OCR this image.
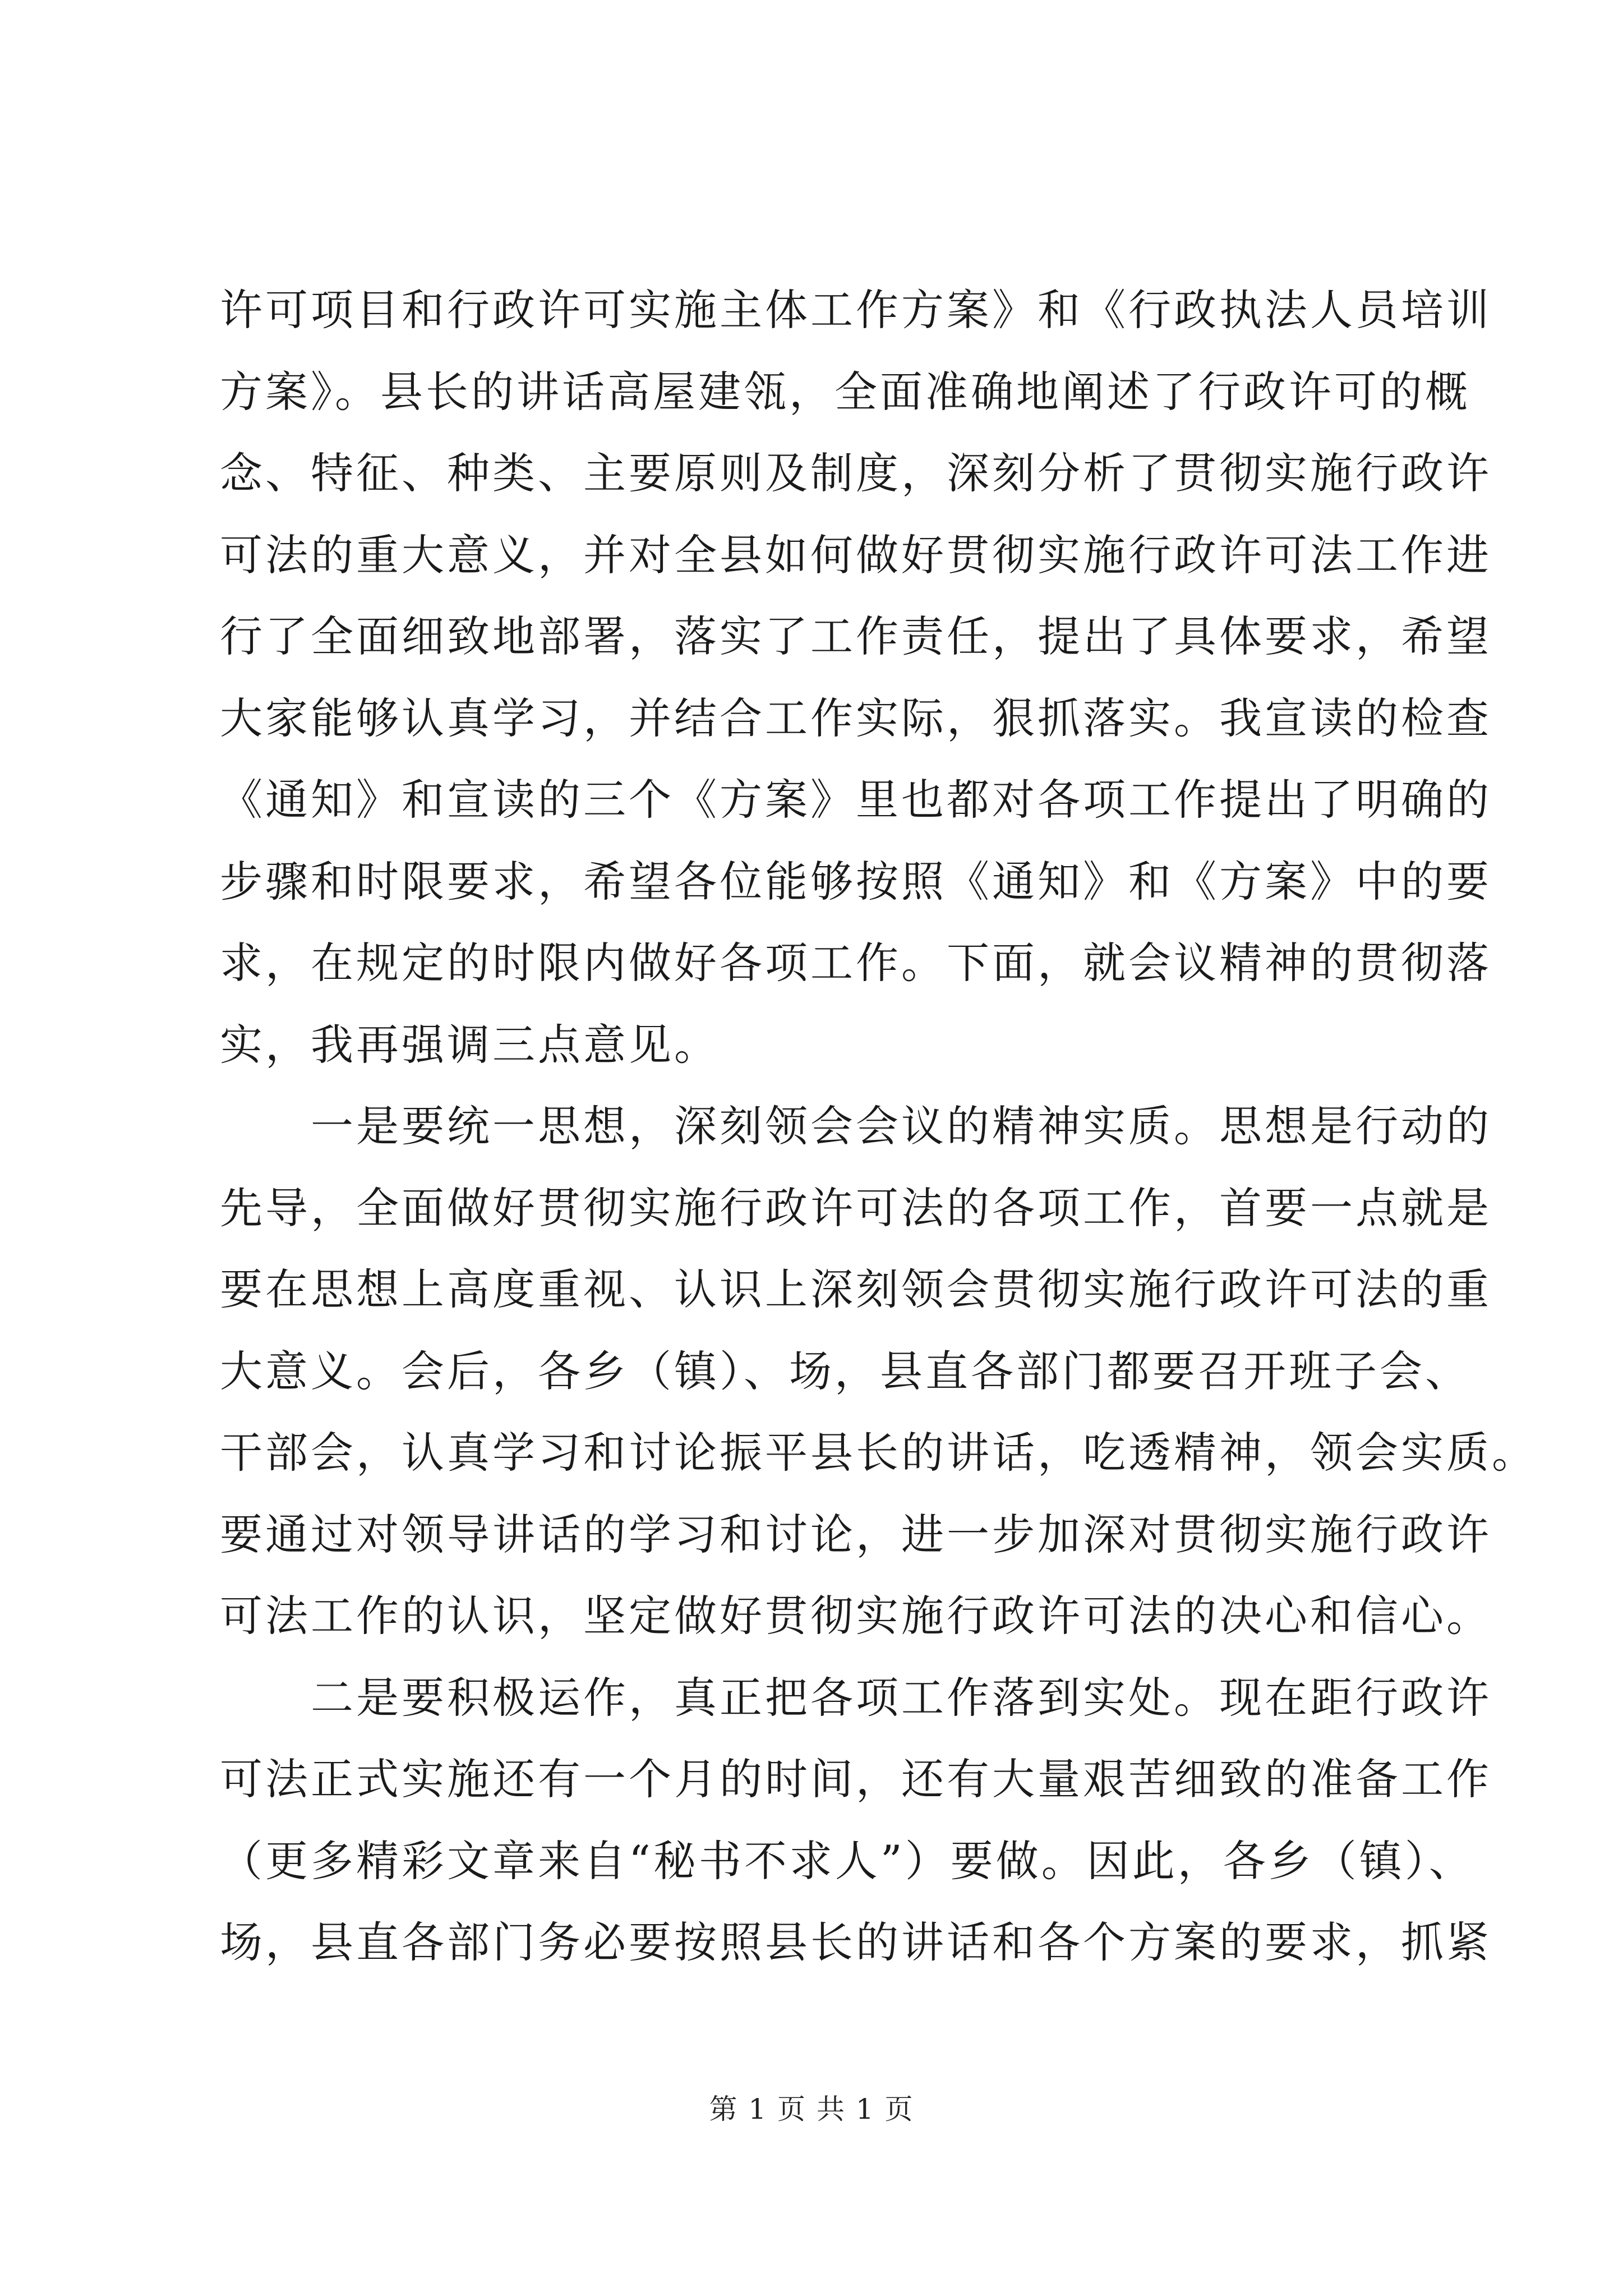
许可项目和行政许可实施主体工作方案》和《行政执法人员培训
方案》。县长的讲话高屋建瓴，全面准确地阐述了行政许可的概
念、特征、种类、主要原则及制度，深刻分析了贯彻实施行政许
可法的重大意义，并对全县如何做好贯彻实施行政许可法工作进
行了全面细致地部署，落实了工作责任，提出了具体要求，希望
大家能够认真学习，并结合工作实际，狠抓落实。我宣读的检查
《通知》和宣读的三个《方案》里也都对各项工作提出了明确的
步骤和时限要求，希望各位能够按照《通知》和《方案》中的要
求，在规定的时限内做好各项工作。下面，就会议精神的贯彻落
实，我再强调三点意见。
　　一是要统一思想，深刻领会会议的精神实质。思想是行动的
先导，全面做好贯彻实施行政许可法的各项工作，首要一点就是
要在思想上高度重视、认识上深刻领会贯彻实施行政许可法的重
大意义。会后，各乡（镇）、场，县直各部门都要召开班子会、
干部会，认真学习和讨论振平县长的讲话，吃透精神，领会实质。
要通过对领导讲话的学习和讨论，进一步加深对贯彻实施行政许
可法工作的认识，坚定做好贯彻实施行政许可法的决心和信心。
　　二是要积极运作，真正把各项工作落到实处。现在距行政许
可法正式实施还有一个月的时间，还有大量艰苦细致的准备工作
（更多精彩文章来自“秘书不求人”）要做。因此，各乡（镇）、
场，县直各部门务必要按照县长的讲话和各个方案的要求，抓紧
第 1 页 共 1 页
